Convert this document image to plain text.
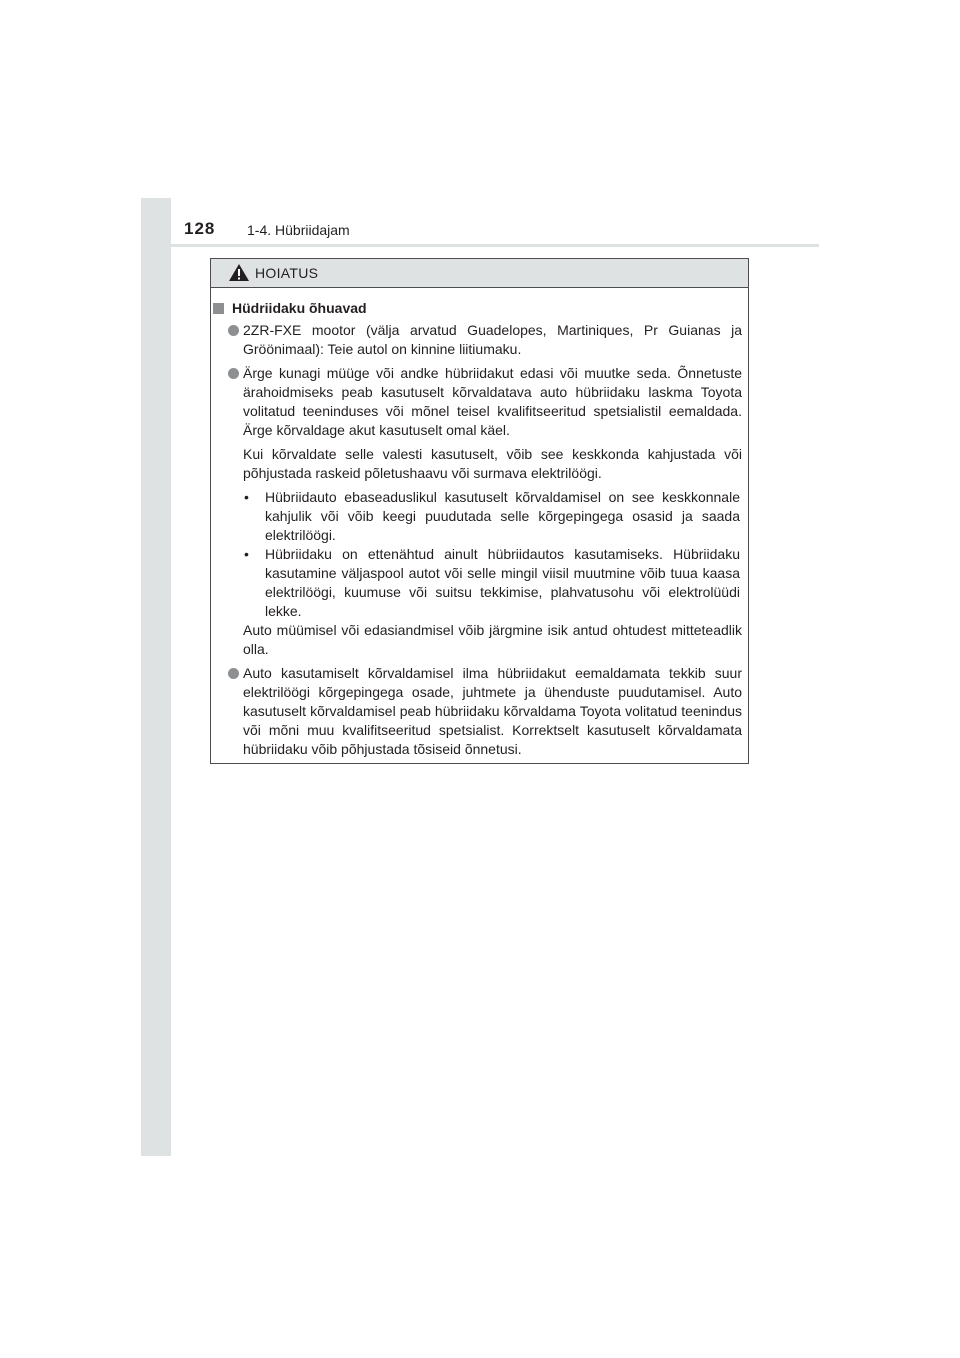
128 1-4. Hübriidajam
HOIATUS
Hüdriidaku õhuavad
2ZR-FXE mootor (välja arvatud Guadelopes, Martiniques, Pr Guianas ja Gröönimaal): Teie autol on kinnine liitiumaku.
Ärge kunagi müüge või andke hübriidakut edasi või muutke seda. Õnnetuste ärahoidmiseks peab kasutuselt kõrvaldatava auto hübriidaku laskma Toyota volitatud teeninduses või mõnel teisel kvalifitseeritud spetsialistil eemaldada. Ärge kõrvaldage akut kasutuselt omal käel.
Kui kõrvaldate selle valesti kasutuselt, võib see keskkonda kahjustada või põhjustada raskeid põletushaavu või surmava elektrilöögi.
• Hübriidauto ebaseaduslikul kasutuselt kõrvaldamisel on see keskkonnale kahjulik või võib keegi puudutada selle kõrgepingega osasid ja saada elektrilöögi.
• Hübriidaku on ettenähtud ainult hübriidautos kasutamiseks. Hübriidaku kasutamine väljaspool autot või selle mingil viisil muutmine võib tuua kaasa elektrilöögi, kuumuse või suitsu tekkimise, plahvatusohu või elektrolüüdi lekke.
Auto müümisel või edasiandmisel võib järgmine isik antud ohtudest mitteteadlik olla.
Auto kasutamiselt kõrvaldamisel ilma hübriidakut eemaldamata tekkib suur elektrilöögi kõrgepingega osade, juhtmete ja ühenduste puudutamisel. Auto kasutuselt kõrvaldamisel peab hübriidaku kõrvaldama Toyota volitatud teenindus või mõni muu kvalifitseeritud spetsialist. Korrektselt kasutuselt kõrvaldamata hübriidaku võib põhjustada tõsiseid õnnetusi.
